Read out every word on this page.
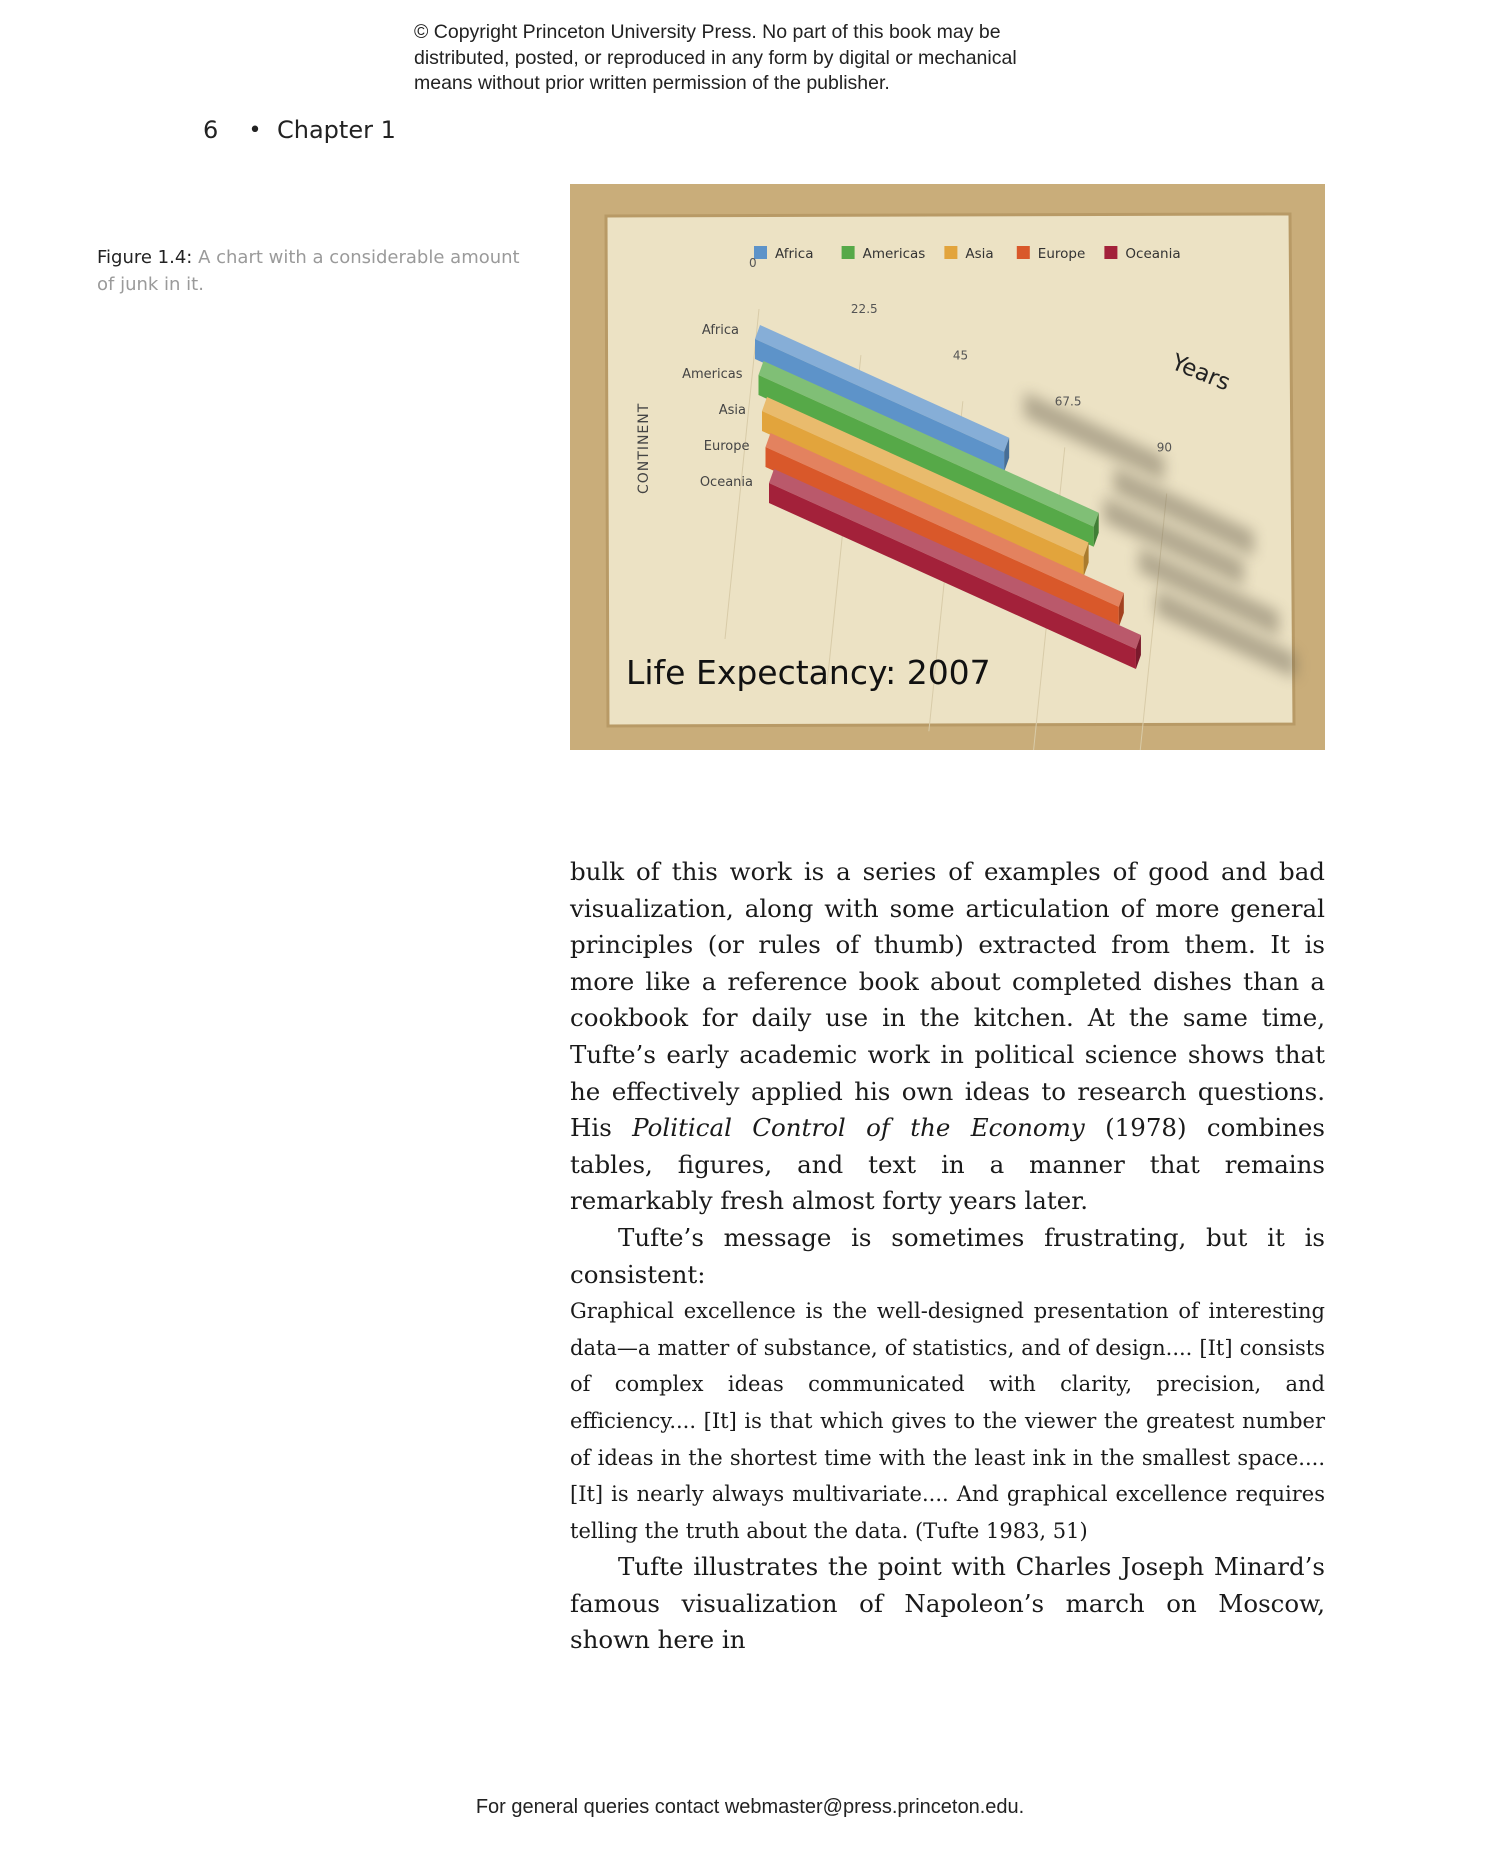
© Copyright Princeton University Press. No part of this book may be
distributed, posted, or reproduced in any form by digital or mechanical
means without prior written permission of the publisher.
6	• Chapter 1
Figure 1.4: A chart with a considerable amount of junk in it.
Africa	Americas	Asia	Europe	Oceania
0
22.5
45
67.5
90
Africa
Americas
Asia
Europe
Oceania
CONTINENT
Years
Life Expectancy: 2007

bulk of this work is a series of examples of good and bad visualization, along with some articulation of more general principles (or rules of thumb) extracted from them. It is more like a reference book about completed dishes than a cookbook for daily use in the kitchen. At the same time, Tufte’s early academic work in political science shows that he effectively applied his own ideas to research questions. His Political Control of the Economy (1978) combines tables, figures, and text in a manner that remains remarkably fresh almost forty years later.

Tufte’s message is sometimes frustrating, but it is consistent:

Graphical excellence is the well-designed presentation of interesting data—a matter of substance, of statistics, and of design.... [It] consists of complex ideas communicated with clarity, precision, and efficiency.... [It] is that which gives to the viewer the greatest number of ideas in the shortest time with the least ink in the smallest space.... [It] is nearly always multivariate.... And graphical excellence requires telling the truth about the data. (Tufte 1983, 51)

Tufte illustrates the point with Charles Joseph Minard’s famous visualization of Napoleon’s march on Moscow, shown here in

For general queries contact webmaster@press.princeton.edu.
